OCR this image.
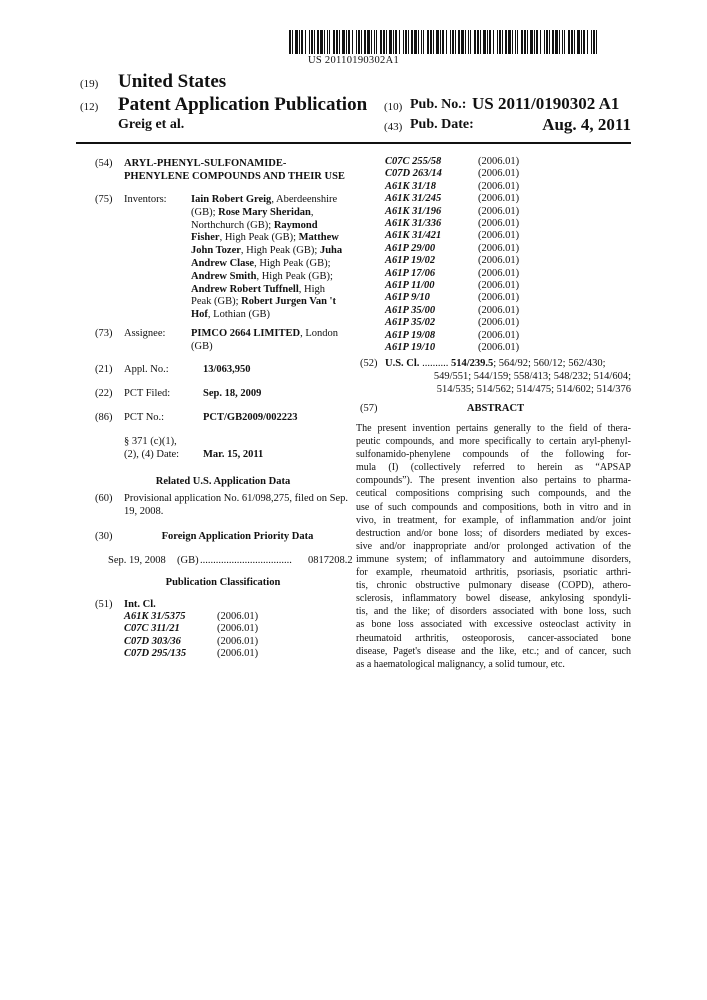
US 20110190302A1
(19) United States
(12) Patent Application Publication
Greig et al.
(10) Pub. No.: US 2011/0190302 A1
(43) Pub. Date:	Aug. 4, 2011
(54) ARYL-PHENYL-SULFONAMIDE-
PHENYLENE COMPOUNDS AND THEIR USE
(75) Inventors: Iain Robert Greig, Aberdeenshire
(GB); Rose Mary Sheridan,
Northchurch (GB); Raymond
Fisher, High Peak (GB); Matthew
John Tozer, High Peak (GB); Juha
Andrew Clase, High Peak (GB);
Andrew Smith, High Peak (GB);
Andrew Robert Tuffnell, High
Peak (GB); Robert Jurgen Van 't
Hof, Lothian (GB)
(73) Assignee: PIMCO 2664 LIMITED, London
(GB)
(21) Appl. No.:	13/063,950
(22) PCT Filed:	Sep. 18, 2009
(86) PCT No.:	PCT/GB2009/002223
§ 371 (c)(1),
(2), (4) Date: Mar. 15, 2011
Related U.S. Application Data
(60) Provisional application No. 61/098,275, filed on Sep.
19, 2008.
(30)	Foreign Application Priority Data
Sep. 19, 2008 (GB) ................................... 0817208.2
Publication Classification
(51) Int. Cl.
A61K 31/5375	(2006.01)
C07C 311/21	(2006.01)
C07D 303/36	(2006.01)
C07D 295/135	(2006.01)
C07C 255/58	(2006.01)
C07D 263/14	(2006.01)
A61K 31/18	(2006.01)
A61K 31/245	(2006.01)
A61K 31/196	(2006.01)
A61K 31/336	(2006.01)
A61K 31/421	(2006.01)
A61P 29/00	(2006.01)
A61P 19/02	(2006.01)
A61P 17/06	(2006.01)
A61P 11/00	(2006.01)
A61P 9/10	(2006.01)
A61P 35/00	(2006.01)
A61P 35/02	(2006.01)
A61P 19/08	(2006.01)
A61P 19/10	(2006.01)
(52) U.S. Cl. .......... 514/239.5; 564/92; 560/12; 562/430;
549/551; 544/159; 558/413; 548/232; 514/604;
514/535; 514/562; 514/475; 514/602; 514/376
(57)	ABSTRACT
The present invention pertains generally to the field of thera-
peutic compounds, and more specifically to certain aryl-phenyl-
sulfonamido-phenylene compounds of the following for-
mula (I) (collectively referred to herein as “APSAP
compounds”). The present invention also pertains to pharma-
ceutical compositions comprising such compounds, and the
use of such compounds and compositions, both in vitro and in
vivo, in treatment, for example, of inflammation and/or joint
destruction and/or bone loss; of disorders mediated by exces-
sive and/or inappropriate and/or prolonged activation of the
immune system; of inflammatory and autoimmune disorders,
for example, rheumatoid arthritis, psoriasis, psoriatic arthri-
tis, chronic obstructive pulmonary disease (COPD), athero-
sclerosis, inflammatory bowel disease, ankylosing spondyli-
tis, and the like; of disorders associated with bone loss, such
as bone loss associated with excessive osteoclast activity in
rheumatoid arthritis, osteoporosis, cancer-associated bone
disease, Paget's disease and the like, etc.; and of cancer, such
as a haematological malignancy, a solid tumour, etc.
